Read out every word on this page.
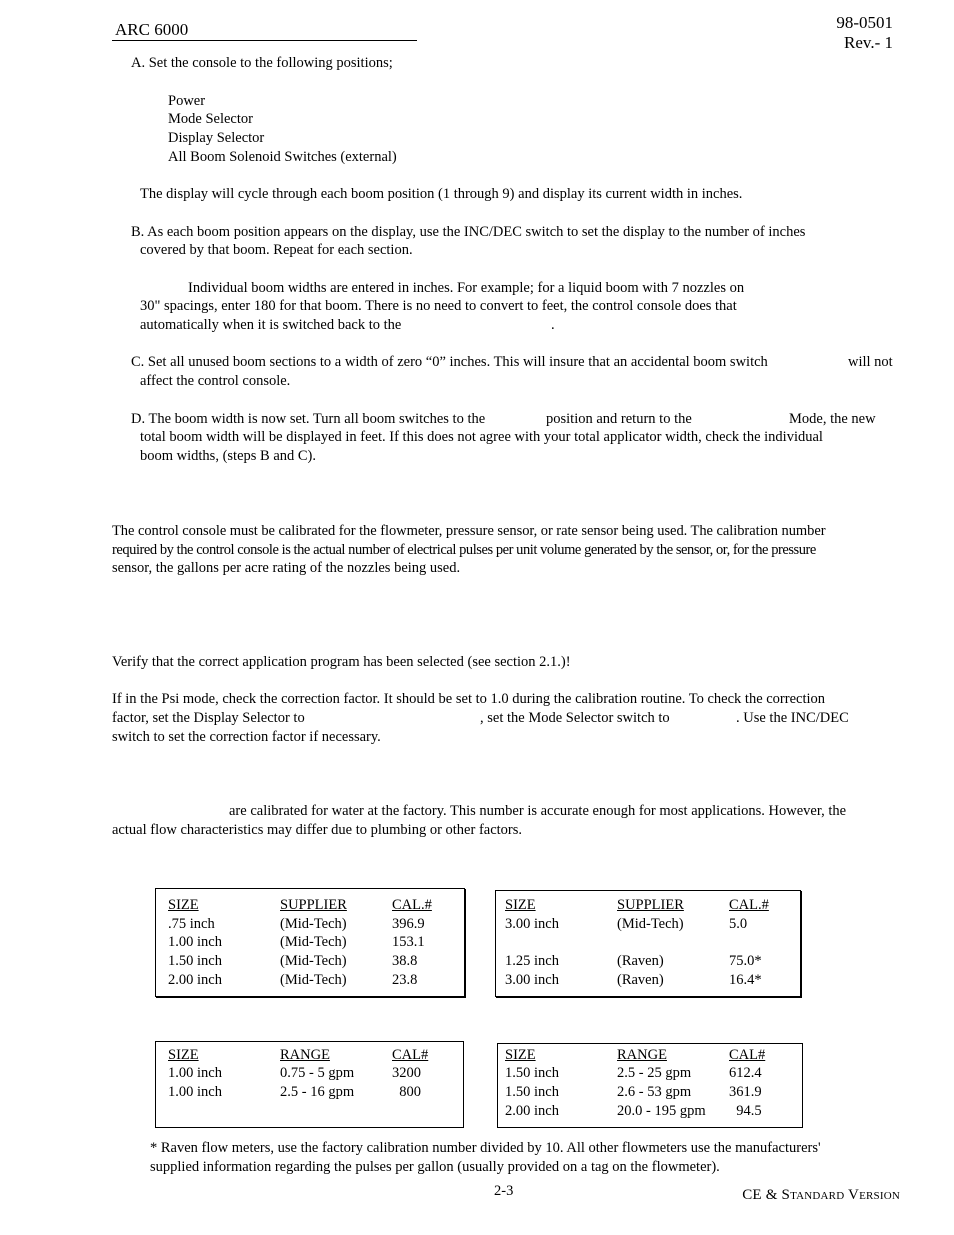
ARC 6000	98-0501
Rev.- 1
A. Set the console to the following positions;
Power
Mode Selector
Display Selector
All Boom Solenoid Switches (external)
The display will cycle through each boom position (1 through 9) and display its current width in inches.
B. As each boom position appears on the display, use the INC/DEC switch to set the display to the number of inches
covered by that boom. Repeat for each section.
Individual boom widths are entered in inches. For example; for a liquid boom with 7 nozzles on
30" spacings, enter 180 for that boom. There is no need to convert to feet, the control console does that
automatically when it is switched back to the	.
C. Set all unused boom sections to a width of zero “0” inches. This will insure that an accidental boom switch	will not
affect the control console.
D. The boom width is now set. Turn all boom switches to the	position and return to the	Mode, the new
total boom width will be displayed in feet. If this does not agree with your total applicator width, check the individual
boom widths, (steps B and C).
The control console must be calibrated for the flowmeter, pressure sensor, or rate sensor being used. The calibration number
required by the control console is the actual number of electrical pulses per unit volume generated by the sensor, or, for the pressure
sensor, the gallons per acre rating of the nozzles being used.
Verify that the correct application program has been selected (see section 2.1.)!
If in the Psi mode, check the correction factor. It should be set to 1.0 during the calibration routine. To check the correction
factor, set the Display Selector to	, set the Mode Selector switch to	. Use the INC/DEC
switch to set the correction factor if necessary.
are calibrated for water at the factory. This number is accurate enough for most applications. However, the
actual flow characteristics may differ due to plumbing or other factors.
SIZE	SUPPLIER	CAL.#
.75 inch	(Mid-Tech)	396.9
1.00 inch	(Mid-Tech)	153.1
1.50 inch	(Mid-Tech)	38.8
2.00 inch	(Mid-Tech)	23.8
SIZE	SUPPLIER	CAL.#
3.00 inch	(Mid-Tech)	5.0
1.25 inch	(Raven)	75.0*
3.00 inch	(Raven)	16.4*
SIZE	RANGE	CAL#
1.00 inch	0.75 - 5 gpm	3200
1.00 inch	2.5 - 16 gpm	800
SIZE	RANGE	CAL#
1.50 inch	2.5 - 25 gpm	612.4
1.50 inch	2.6 - 53 gpm	361.9
2.00 inch	20.0 - 195 gpm 94.5
* Raven flow meters, use the factory calibration number divided by 10. All other flowmeters use the manufacturers'
supplied information regarding the pulses per gallon (usually provided on a tag on the flowmeter).
2-3	CE & Standard Version
